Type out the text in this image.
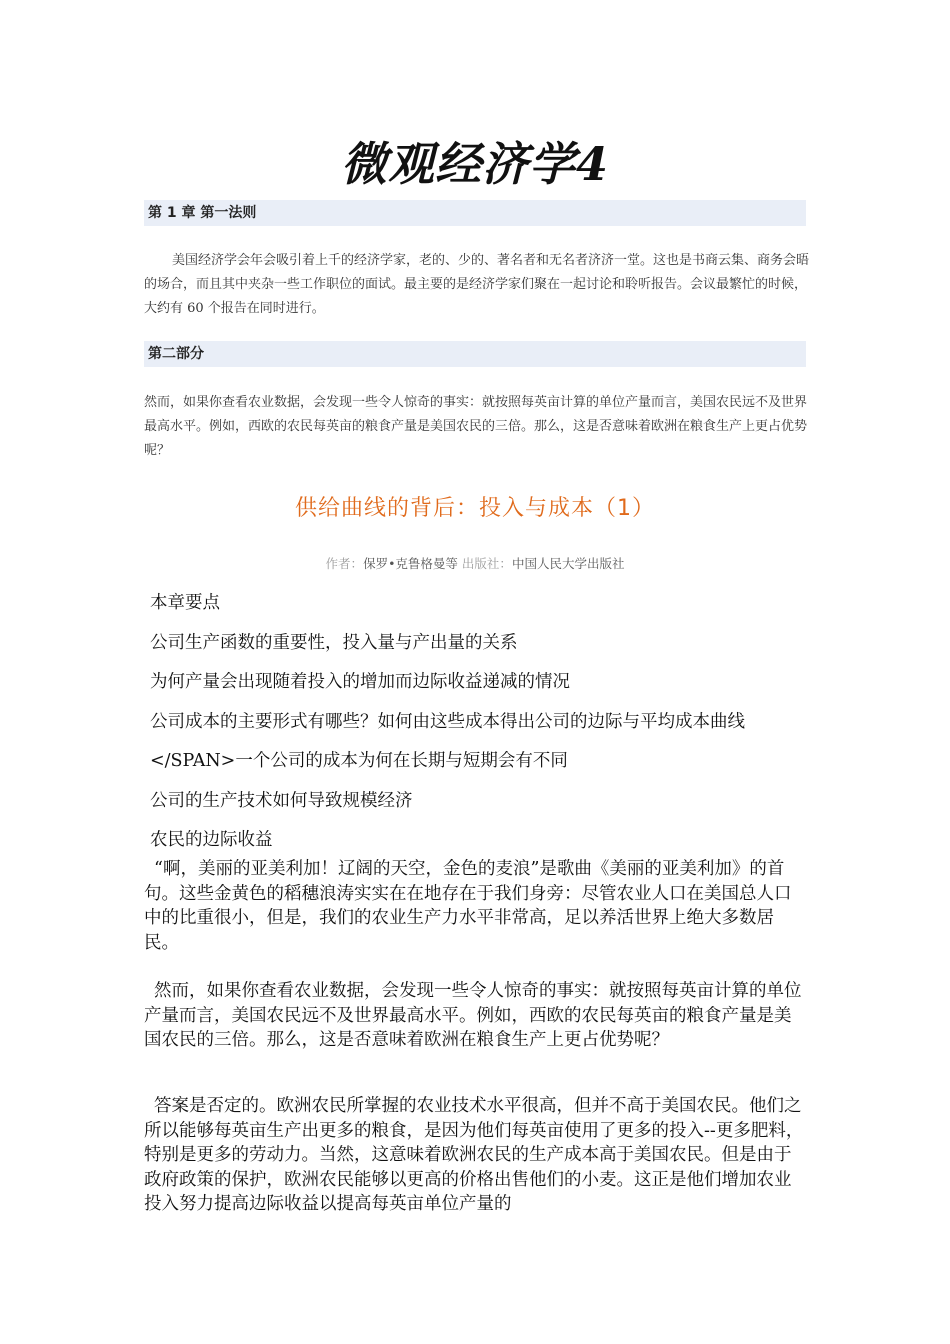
微观经济学4
第 1 章 第一法则

美国经济学会年会吸引着上千的经济学家，老的、少的、著名者和无名者济济一堂。这也是书商云集、商务会晤的场合，而且其中夹杂一些工作职位的面试。最主要的是经济学家们聚在一起讨论和聆听报告。会议最繁忙的时候，大约有 60 个报告在同时进行。

第二部分

然而，如果你查看农业数据，会发现一些令人惊奇的事实：就按照每英亩计算的单位产量而言，美国农民远不及世界最高水平。例如，西欧的农民每英亩的粮食产量是美国农民的三倍。那么，这是否意味着欧洲在粮食生产上更占优势呢？

供给曲线的背后：投入与成本（1）
作者：保罗•克鲁格曼等 出版社：中国人民大学出版社
本章要点
公司生产函数的重要性，投入量与产出量的关系
为何产量会出现随着投入的增加而边际收益递减的情况
公司成本的主要形式有哪些？如何由这些成本得出公司的边际与平均成本曲线
</SPAN>一个公司的成本为何在长期与短期会有不同
公司的生产技术如何导致规模经济
农民的边际收益

“啊，美丽的亚美利加！辽阔的天空，金色的麦浪”是歌曲《美丽的亚美利加》的首句。这些金黄色的稻穗浪涛实实在在地存在于我们身旁：尽管农业人口在美国总人口中的比重很小，但是，我们的农业生产力水平非常高，足以养活世界上绝大多数居民。

然而，如果你查看农业数据，会发现一些令人惊奇的事实：就按照每英亩计算的单位产量而言，美国农民远不及世界最高水平。例如，西欧的农民每英亩的粮食产量是美国农民的三倍。那么，这是否意味着欧洲在粮食生产上更占优势呢？

答案是否定的。欧洲农民所掌握的农业技术水平很高，但并不高于美国农民。他们之所以能够每英亩生产出更多的粮食，是因为他们每英亩使用了更多的投入--更多肥料，特别是更多的劳动力。当然，这意味着欧洲农民的生产成本高于美国农民。但是由于政府政策的保护，欧洲农民能够以更高的价格出售他们的小麦。这正是他们增加农业投入努力提高边际收益以提高每英亩单位产量的
